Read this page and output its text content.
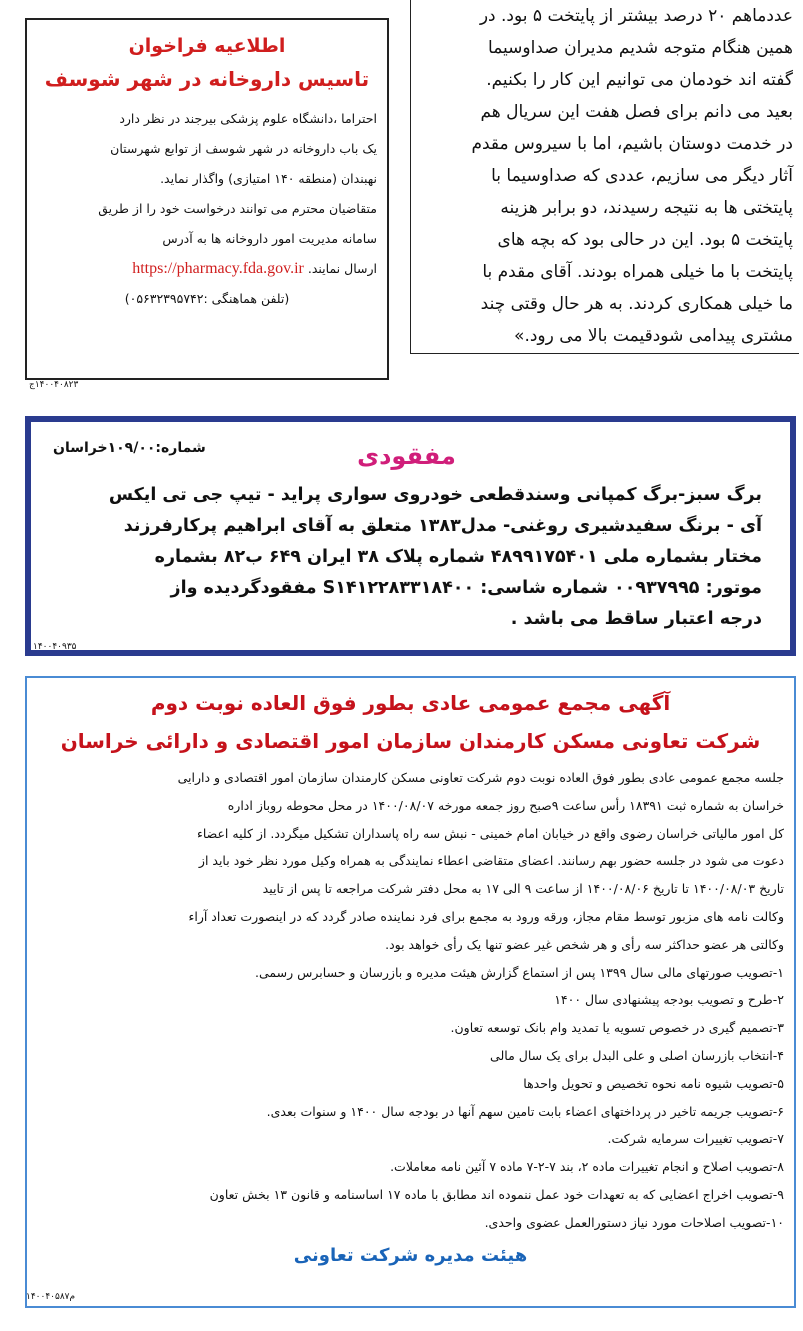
عددماهم ۲۰ درصد بیشتر از پایتخت ۵ بود. در
همین هنگام متوجه شدیم مدیران صداوسیما
گفته اند خودمان می توانیم این کار را بکنیم.
بعید می دانم برای فصل هفت این سریال هم
در خدمت دوستان باشیم، اما با سیروس مقدم
آثار دیگر می سازیم، عددی که صداوسیما با
پایتختی ها به نتیجه رسیدند، دو برابر هزینه
پایتخت ۵ بود. این در حالی بود که بچه های
پایتخت با ما خیلی همراه بودند. آقای مقدم با
ما خیلی همکاری کردند. به هر حال وقتی چند
مشتری پیدامی شودقیمت بالا می رود.»
اطلاعیه فراخوان
تاسیس داروخانه در شهر شوسف
احتراما ،دانشگاه علوم پزشکی بیرجند در نظر دارد
یک باب داروخانه در شهر شوسف از توابع شهرستان
نهبندان (منطقه ۱۴۰ امتیازی) واگذار نماید.
متقاضیان محترم می توانند درخواست خود را از طریق
سامانه مدیریت امور داروخانه ها به آدرس
ارسال نمایند. https://pharmacy.fda.gov.ir
(تلفن هماهنگی :۰۵۶۳۲۳۹۵۷۴۲)
۱۴۰۰۴۰۸۲۳ج
شماره:۱۰۹/۰۰خراسان	مفقودی
برگ سبز-برگ کمپانی وسندقطعی خودروی سواری پراید - تیپ جی تی ایکس
آی - برنگ سفیدشیری روغنی- مدل۱۳۸۳ متعلق به آقای ابراهیم پرکارفرزند
مختار بشماره ملی ۴۸۹۹۱۷۵۴۰۱ شماره پلاک ۳۸ ایران ۶۴۹ ب۸۲ بشماره
موتور: ۰۰۹۳۷۹۹۵ شماره شاسی: S۱۴۱۲۲۸۳۳۱۸۴۰۰ مفقودگردیده واز
درجه اعتبار ساقط می باشد .
۱۴۰۰۴۰۹۳۵
آگهی مجمع عمومی عادی بطور فوق العاده نوبت دوم
شرکت تعاونی مسکن کارمندان سازمان امور اقتصادی و دارائی خراسان
جلسه مجمع عمومی عادی بطور فوق العاده نوبت دوم شرکت تعاونی مسکن کارمندان سازمان امور اقتصادی و دارایی
خراسان به شماره ثبت ۱۸۳۹۱ رأس ساعت ۹صبح روز جمعه مورخه ۱۴۰۰/۰۸/۰۷ در محل محوطه روباز اداره
کل امور مالیاتی خراسان رضوی واقع در خیابان امام خمینی - نبش سه راه پاسداران تشکیل میگردد. از کلیه اعضاء
دعوت می شود در جلسه حضور بهم رسانند. اعضای متقاضی اعطاء نمایندگی به همراه وکیل مورد نظر خود باید از
تاریخ ۱۴۰۰/۰۸/۰۳ تا تاریخ ۱۴۰۰/۰۸/۰۶ از ساعت ۹ الی ۱۷ به محل دفتر شرکت مراجعه تا پس از تایید
وکالت نامه های مزبور توسط مقام مجاز، ورقه ورود به مجمع برای فرد نماینده صادر گردد که در اینصورت تعداد آراء
وکالتی هر عضو حداکثر سه رأی و هر شخص غیر عضو تنها یک رأی خواهد بود.
۱-تصویب صورتهای مالی سال ۱۳۹۹ پس از استماع گزارش هیئت مدیره و بازرسان و حسابرس رسمی.
۲-طرح و تصویب بودجه پیشنهادی سال ۱۴۰۰
۳-تصمیم گیری در خصوص تسویه یا تمدید وام بانک توسعه تعاون.
۴-انتخاب بازرسان اصلی و علی البدل برای یک سال مالی
۵-تصویب شیوه نامه نحوه تخصیص و تحویل واحدها
۶-تصویب جریمه تاخیر در پرداختهای اعضاء بابت تامین سهم آنها در بودجه سال ۱۴۰۰ و سنوات بعدی.
۷-تصویب تغییرات سرمایه شرکت.
۸-تصویب اصلاح و انجام تغییرات ماده ۲، بند ۷-۲-۷ ماده ۷ آئین نامه معاملات.
۹-تصویب اخراج اعضایی که به تعهدات خود عمل ننموده اند مطابق با ماده ۱۷ اساسنامه و قانون ۱۳ بخش تعاون
۱۰-تصویب اصلاحات مورد نیاز دستورالعمل عضوی واحدی.
هیئت مدیره شرکت تعاونی
۱۴۰۰۴۰۵۸۷م
